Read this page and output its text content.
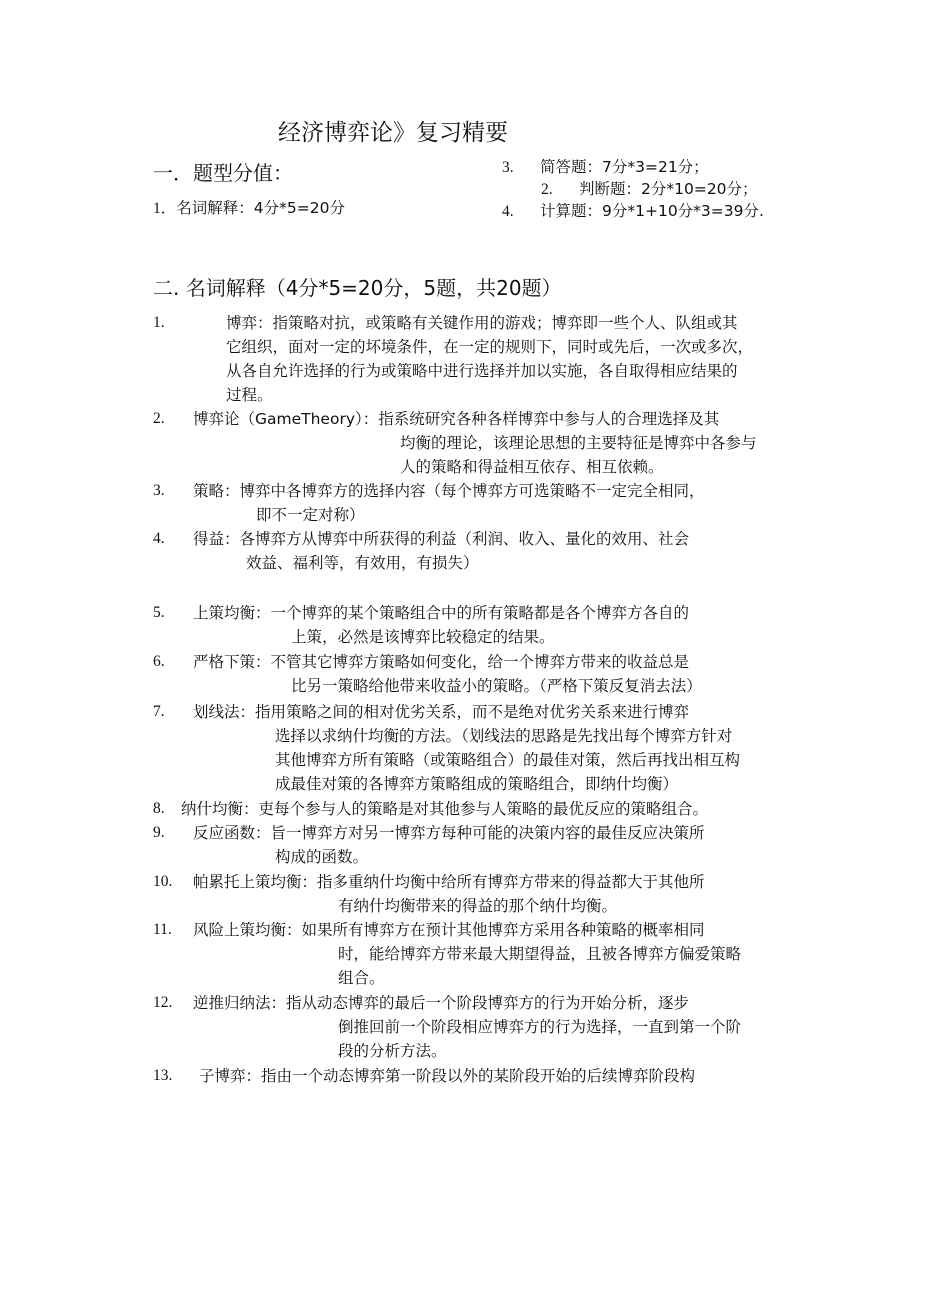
经济博弈论》复习精要
一．题型分值：
1．名词解释：4分*5=20分
3. 简答题：7分*3=21分；
2. 判断题：2分*10=20分；
4. 计算题：9分*1+10分*3=39分.
二. 名词解释（4分*5=20分，5题，共20题）
1.	博弈：指策略对抗，或策略有关键作用的游戏；博弈即一些个人、队组或其
它组织，面对一定的坏境条件，在一定的规则下，同时或先后，一次或多次，
从各自允许选择的行为或策略中进行选择并加以实施，各自取得相应结果的
过程。
2. 博弈论（GameTheory）：指系统研究各种各样博弈中参与人的合理选择及其
均衡的理论，该理论思想的主要特征是博弈中各参与
人的策略和得益相互依存、相互依赖。
3. 策略：博弈中各博弈方的选择内容（每个博弈方可选策略不一定完全相同，
即不一定对称）
4. 得益：各博弈方从博弈中所获得的利益（利润、收入、量化的效用、社会
效益、福利等，有效用，有损失）
5. 上策均衡：一个博弈的某个策略组合中的所有策略都是各个博弈方各自的
上策，必然是该博弈比较稳定的结果。
6. 严格下策：不管其它博弈方策略如何变化，给一个博弈方带来的收益总是
比另一策略给他带来收益小的策略。（严格下策反复消去法）
7. 划线法：指用策略之间的相对优劣关系，而不是绝对优劣关系来进行博弈
选择以求纳什均衡的方法。（划线法的思路是先找出每个博弈方针对
其他博弈方所有策略（或策略组合）的最佳对策，然后再找出相互构
成最佳对策的各博弈方策略组成的策略组合，即纳什均衡）
8. 纳什均衡：吏每个参与人的策略是对其他参与人策略的最优反应的策略组合。
9. 反应函数：旨一博弈方对另一博弈方每种可能的决策内容的最佳反应决策所
构成的函数。
10. 帕累托上策均衡：指多重纳什均衡中给所有博弈方带来的得益都大于其他所
有纳什均衡带来的得益的那个纳什均衡。
11. 风险上策均衡：如果所有博弈方在预计其他博弈方采用各种策略的概率相同
时，能给博弈方带来最大期望得益，且被各博弈方偏爱策略
组合。
12. 逆推归纳法：指从动态博弈的最后一个阶段博弈方的行为开始分析，逐步
倒推回前一个阶段相应博弈方的行为选择，一直到第一个阶
段的分析方法。
13. 子博弈：指由一个动态博弈第一阶段以外的某阶段开始的后续博弈阶段构
